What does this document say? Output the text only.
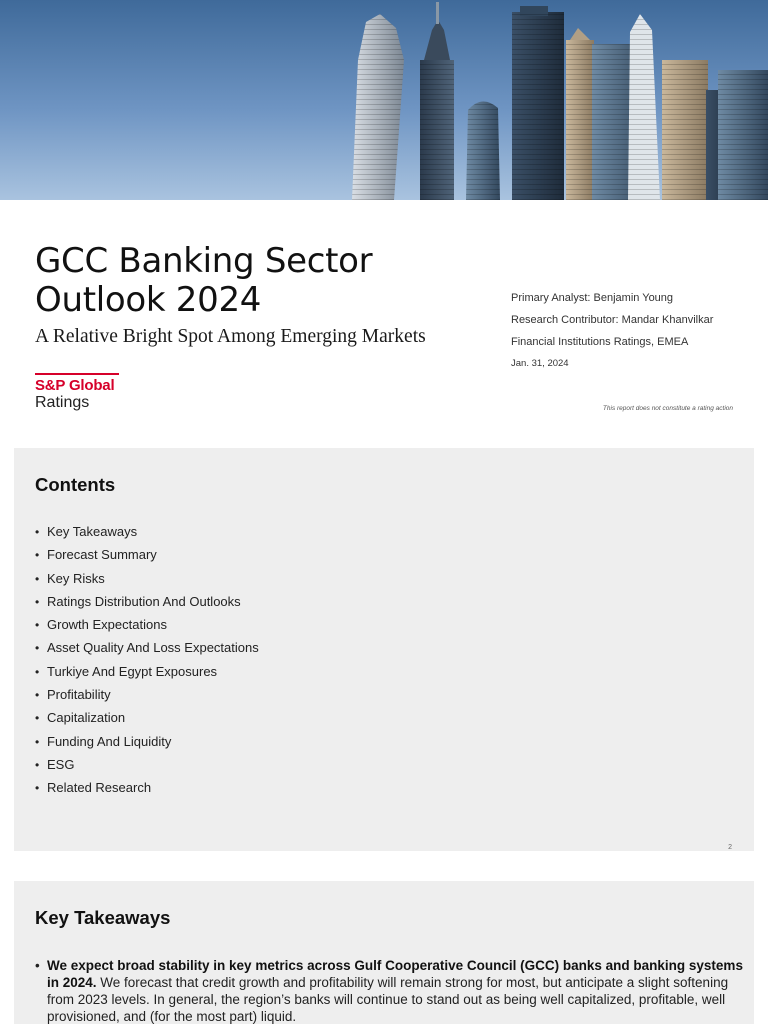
GCC Banking Sector Outlook 2024
A Relative Bright Spot Among Emerging Markets
S&P Global
Ratings
Primary Analyst: Benjamin Young
Research Contributor: Mandar Khanvilkar
Financial Institutions Ratings, EMEA
Jan. 31, 2024
This report does not constitute a rating action
Contents
• Key Takeaways
• Forecast Summary
• Key Risks
• Ratings Distribution And Outlooks
• Growth Expectations
• Asset Quality And Loss Expectations
• Turkiye And Egypt Exposures
• Profitability
• Capitalization
• Funding And Liquidity
• ESG
• Related Research
2
Key Takeaways
• We expect broad stability in key metrics across Gulf Cooperative Council (GCC) banks and banking systems in 2024. We forecast that credit growth and profitability will remain strong for most, but anticipate a slight softening from 2023 levels. In general, the region’s banks will continue to stand out as being well capitalized, profitable, well provisioned, and (for the most part) liquid.
